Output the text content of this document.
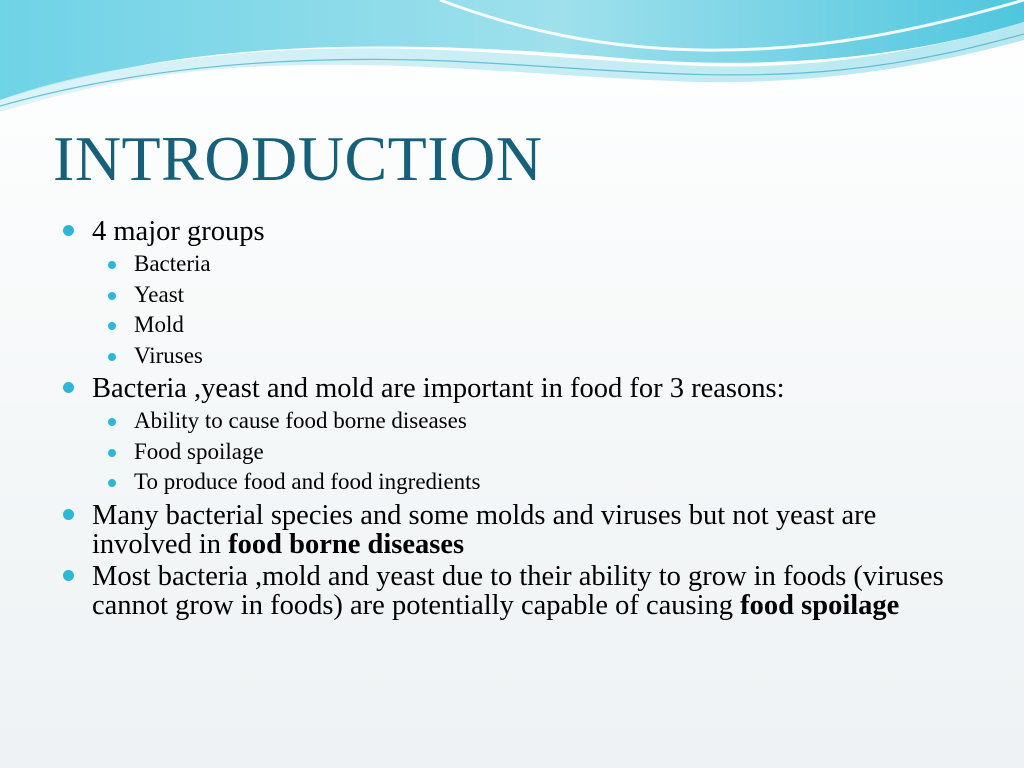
INTRODUCTION
4 major groups
Bacteria
Yeast
Mold
Viruses
Bacteria ,yeast and mold are important in food for 3 reasons:
Ability to cause food borne diseases
Food spoilage
To produce food and food ingredients
Many bacterial species and some molds and viruses but not yeast are involved in food borne diseases
Most bacteria ,mold and yeast due to their ability to grow in foods (viruses cannot grow in foods) are potentially capable of causing food spoilage
